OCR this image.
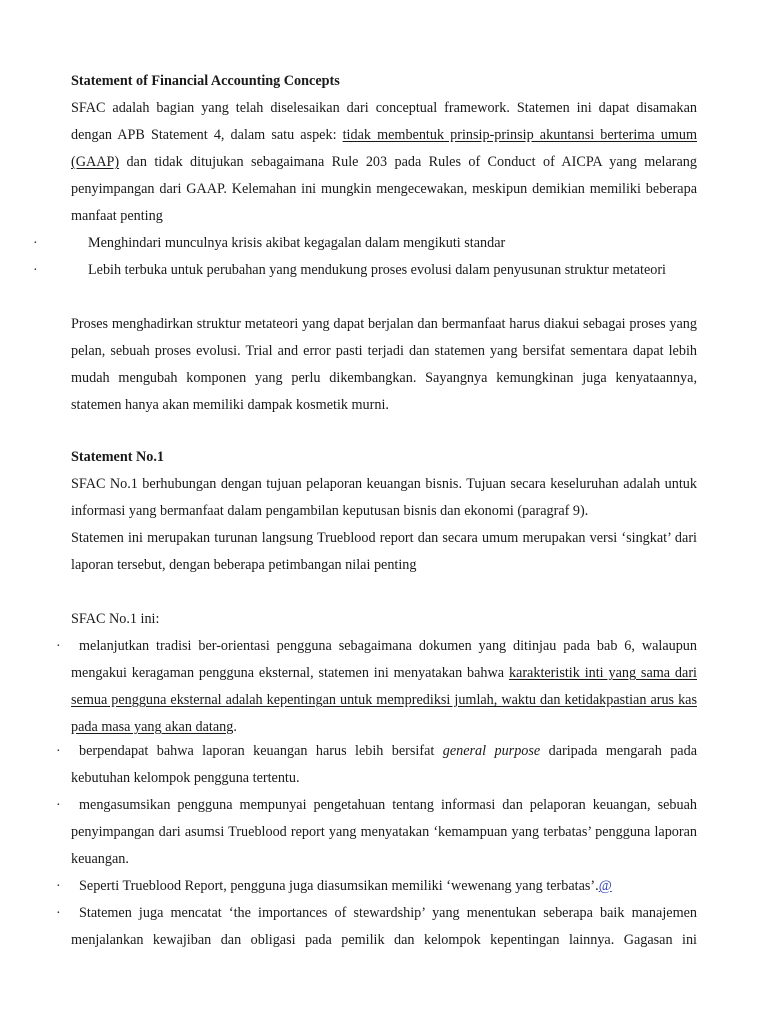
Statement of Financial Accounting Concepts
SFAC adalah bagian yang telah diselesaikan dari conceptual framework. Statemen ini dapat disamakan dengan APB Statement 4, dalam satu aspek: tidak membentuk prinsip-prinsip akuntansi berterima umum (GAAP) dan tidak ditujukan sebagaimana Rule 203 pada Rules of Conduct of AICPA yang melarang penyimpangan dari GAAP. Kelemahan ini mungkin mengecewakan, meskipun demikian memiliki beberapa manfaat penting
·	Menghindari munculnya krisis akibat kegagalan dalam mengikuti standar
·	Lebih terbuka untuk perubahan yang mendukung proses evolusi dalam penyusunan struktur metateori
Proses menghadirkan struktur metateori yang dapat berjalan dan bermanfaat harus diakui sebagai proses yang pelan, sebuah proses evolusi. Trial and error pasti terjadi dan statemen yang bersifat sementara dapat lebih mudah mengubah komponen yang perlu dikembangkan. Sayangnya kemungkinan juga kenyataannya, statemen hanya akan memiliki dampak kosmetik murni.
Statement No.1
SFAC No.1 berhubungan dengan tujuan pelaporan keuangan bisnis. Tujuan secara keseluruhan adalah untuk informasi yang bermanfaat dalam pengambilan keputusan bisnis dan ekonomi (paragraf 9).
Statemen ini merupakan turunan langsung Trueblood report dan secara umum merupakan versi ‘singkat’ dari laporan tersebut, dengan beberapa petimbangan nilai penting
SFAC No.1 ini:
·	melanjutkan tradisi ber-orientasi pengguna sebagaimana dokumen yang ditinjau pada bab 6, walaupun mengakui keragaman pengguna eksternal, statemen ini menyatakan bahwa karakteristik inti yang sama dari semua pengguna eksternal adalah kepentingan untuk memprediksi jumlah, waktu dan ketidakpastian arus kas pada masa yang akan datang.
·	berpendapat bahwa laporan keuangan harus lebih bersifat general purpose daripada mengarah pada kebutuhan kelompok pengguna tertentu.
·	mengasumsikan pengguna mempunyai pengetahuan tentang informasi dan pelaporan keuangan, sebuah penyimpangan dari asumsi Trueblood report yang menyatakan ‘kemampuan yang terbatas’ pengguna laporan keuangan.
·	Seperti Trueblood Report, pengguna juga diasumsikan memiliki ‘wewenang yang terbatas’.@
·	Statemen juga mencatat ‘the importances of stewardship’ yang menentukan seberapa baik manajemen menjalankan kewajiban dan obligasi pada pemilik dan kelompok kepentingan lainnya. Gagasan ini
